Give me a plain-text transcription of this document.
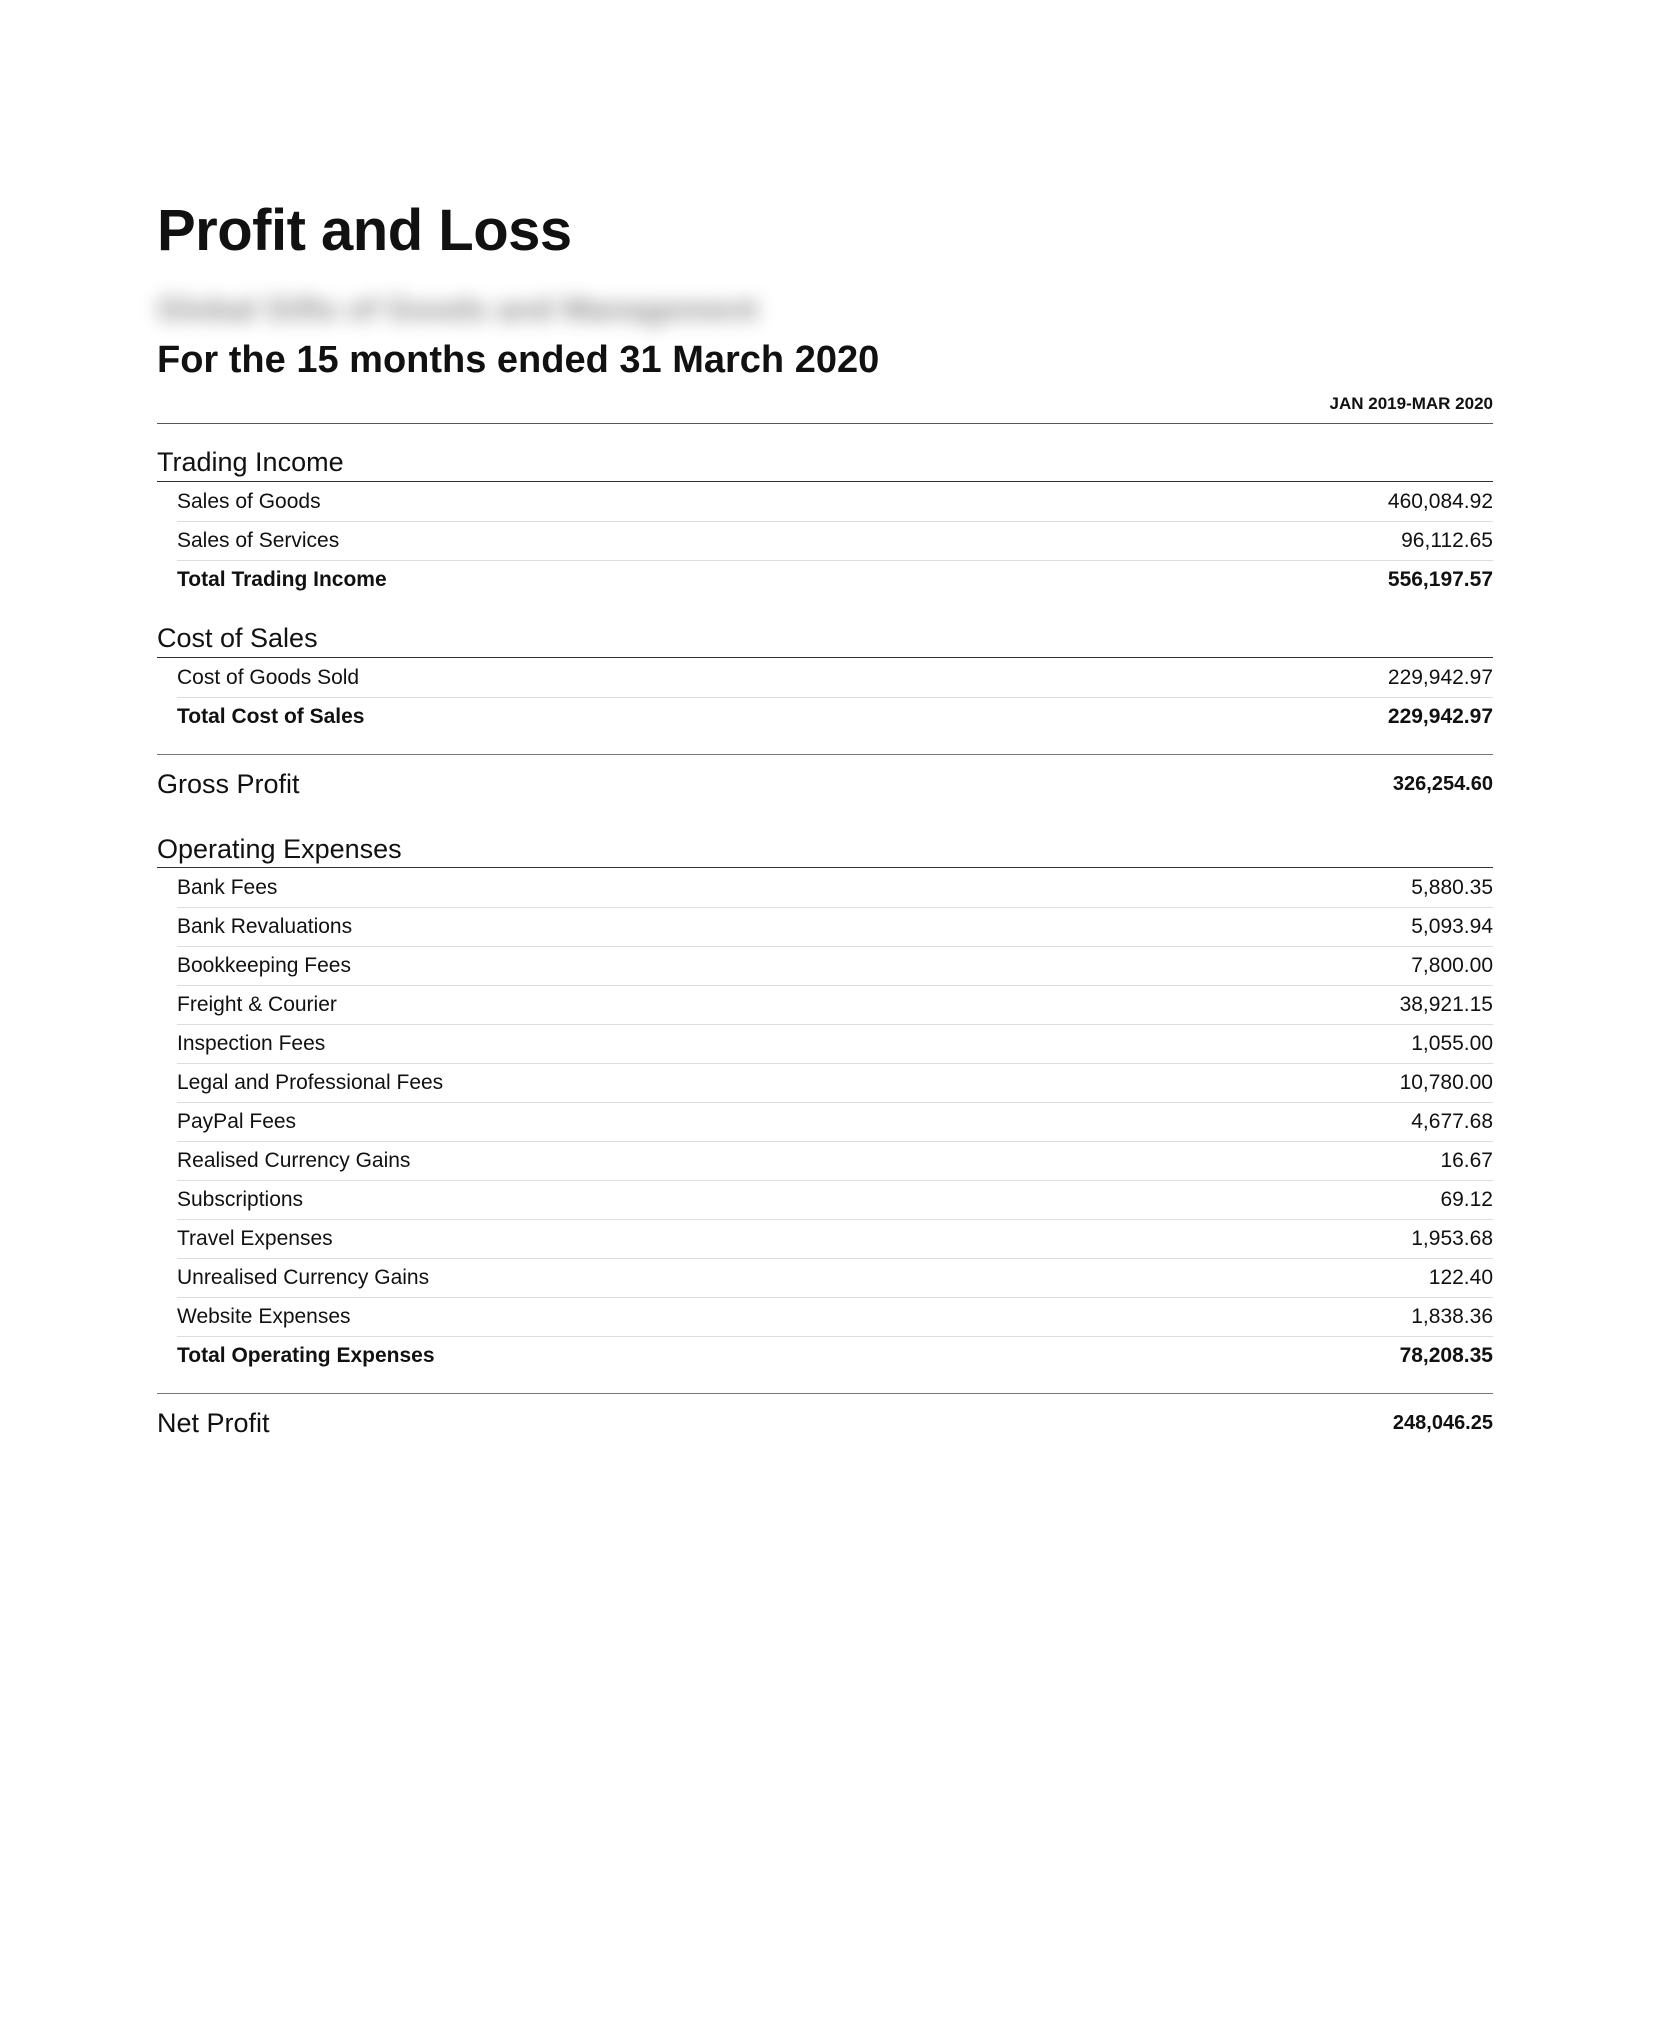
Profit and Loss
Global Gifts of Goods and Management
For the 15 months ended 31 March 2020
JAN 2019-MAR 2020
Trading Income
Sales of Goods	460,084.92
Sales of Services	96,112.65
Total Trading Income	556,197.57
Cost of Sales
Cost of Goods Sold	229,942.97
Total Cost of Sales	229,942.97
Gross Profit	326,254.60
Operating Expenses
Bank Fees	5,880.35
Bank Revaluations	5,093.94
Bookkeeping Fees	7,800.00
Freight & Courier	38,921.15
Inspection Fees	1,055.00
Legal and Professional Fees	10,780.00
PayPal Fees	4,677.68
Realised Currency Gains	16.67
Subscriptions	69.12
Travel Expenses	1,953.68
Unrealised Currency Gains	122.40
Website Expenses	1,838.36
Total Operating Expenses	78,208.35
Net Profit	248,046.25
